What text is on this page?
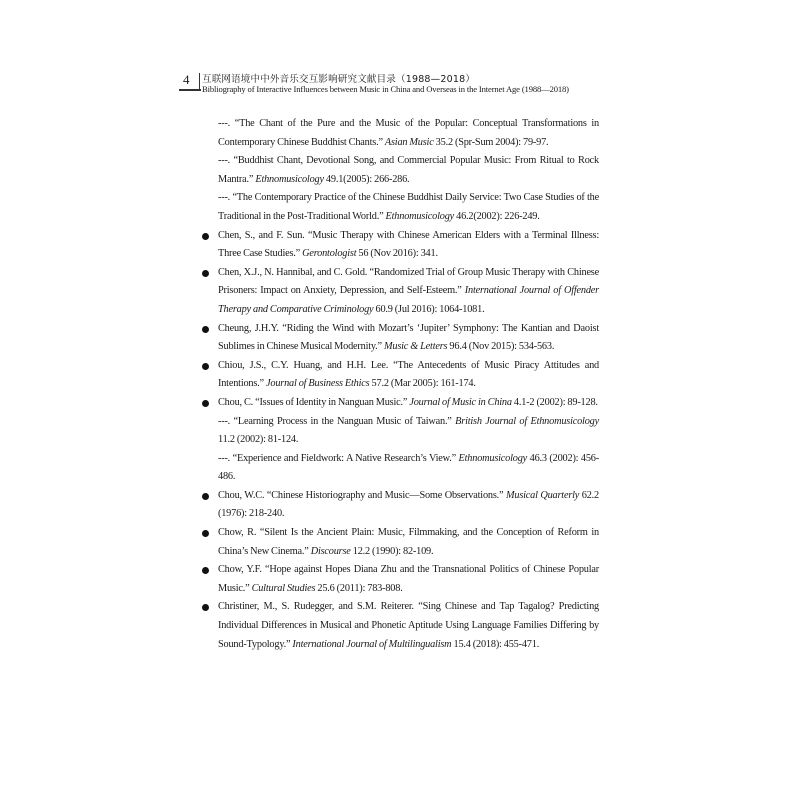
4 互联网语境中中外音乐交互影响研究文献目录（1988—2018）
Bibliography of Interactive Influences between Music in China and Overseas in the Internet Age (1988—2018)
---. “The Chant of the Pure and the Music of the Popular: Conceptual Transformations in Contemporary Chinese Buddhist Chants.” Asian Music 35.2 (Spr-Sum 2004): 79-97.
---. “Buddhist Chant, Devotional Song, and Commercial Popular Music: From Ritual to Rock Mantra.” Ethnomusicology 49.1(2005): 266-286.
---. “The Contemporary Practice of the Chinese Buddhist Daily Service: Two Case Studies of the Traditional in the Post-Traditional World.” Ethnomusicology 46.2(2002): 226-249.
Chen, S., and F. Sun. “Music Therapy with Chinese American Elders with a Terminal Illness: Three Case Studies.” Gerontologist 56 (Nov 2016): 341.
Chen, X.J., N. Hannibal, and C. Gold. “Randomized Trial of Group Music Therapy with Chinese Prisoners: Impact on Anxiety, Depression, and Self-Esteem.” International Journal of Offender Therapy and Comparative Criminology 60.9 (Jul 2016): 1064-1081.
Cheung, J.H.Y. “Riding the Wind with Mozart’s ‘Jupiter’ Symphony: The Kantian and Daoist Sublimes in Chinese Musical Modernity.” Music & Letters 96.4 (Nov 2015): 534-563.
Chiou, J.S., C.Y. Huang, and H.H. Lee. “The Antecedents of Music Piracy Attitudes and Intentions.” Journal of Business Ethics 57.2 (Mar 2005): 161-174.
Chou, C. “Issues of Identity in Nanguan Music.” Journal of Music in China 4.1-2 (2002): 89-128.
---. “Learning Process in the Nanguan Music of Taiwan.” British Journal of Ethnomusicology 11.2 (2002): 81-124.
---. “Experience and Fieldwork: A Native Research’s View.” Ethnomusicology 46.3 (2002): 456-486.
Chou, W.C. “Chinese Historiography and Music—Some Observations.” Musical Quarterly 62.2 (1976): 218-240.
Chow, R. “Silent Is the Ancient Plain: Music, Filmmaking, and the Conception of Reform in China’s New Cinema.” Discourse 12.2 (1990): 82-109.
Chow, Y.F. “Hope against Hopes Diana Zhu and the Transnational Politics of Chinese Popular Music.” Cultural Studies 25.6 (2011): 783-808.
Christiner, M., S. Rudegger, and S.M. Reiterer. “Sing Chinese and Tap Tagalog? Predicting Individual Differences in Musical and Phonetic Aptitude Using Language Families Differing by Sound-Typology.” International Journal of Multilingualism 15.4 (2018): 455-471.
